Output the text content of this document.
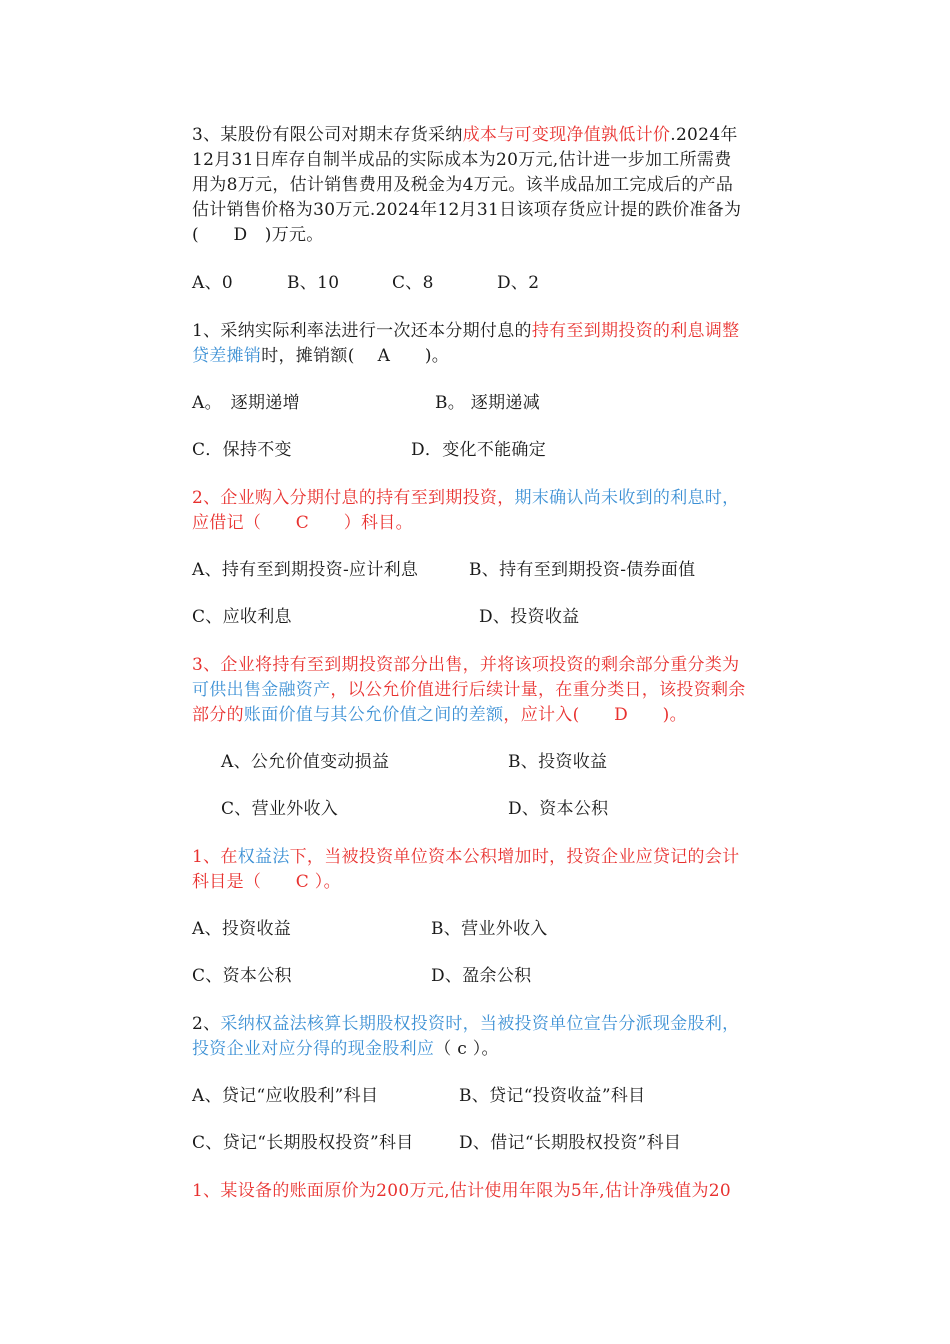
3、某股份有限公司对期末存货采纳成本与可变现净值孰低计价.2024年
12月31日库存自制半成品的实际成本为20万元,估计进一步加工所需费
用为8万元，估计销售费用及税金为4万元。该半成品加工完成后的产品
估计销售价格为30万元.2024年12月31日该项存货应计提的跌价准备为
(　　D　)万元。
A、0	B、10	C、8	D、2
1、采纳实际利率法进行一次还本分期付息的持有至到期投资的利息调整
贷差摊销时，摊销额(　 A　　)。
A。　逐期递增	B。 逐期递减
C．保持不变	D．变化不能确定
2、企业购入分期付息的持有至到期投资，期末确认尚未收到的利息时，
应借记（　　C　　）科目。
A、持有至到期投资-应计利息	B、持有至到期投资-债券面值
C、应收利息	D、投资收益
3、企业将持有至到期投资部分出售，并将该项投资的剩余部分重分类为
可供出售金融资产，以公允价值进行后续计量，在重分类日，该投资剩余
部分的账面价值与其公允价值之间的差额，应计入(　　D　　)。
A、公允价值变动损益	B、投资收益
C、营业外收入	D、资本公积
1、在权益法下，当被投资单位资本公积增加时，投资企业应贷记的会计
科目是（　　C ）。
A、投资收益	B、营业外收入
C、资本公积	D、盈余公积
2、采纳权益法核算长期股权投资时，当被投资单位宣告分派现金股利，
投资企业对应分得的现金股利应（ c ）。
A、贷记“应收股利”科目	B、贷记“投资收益”科目
C、贷记“长期股权投资”科目	D、借记“长期股权投资”科目
1、某设备的账面原价为200万元,估计使用年限为5年,估计净残值为20
